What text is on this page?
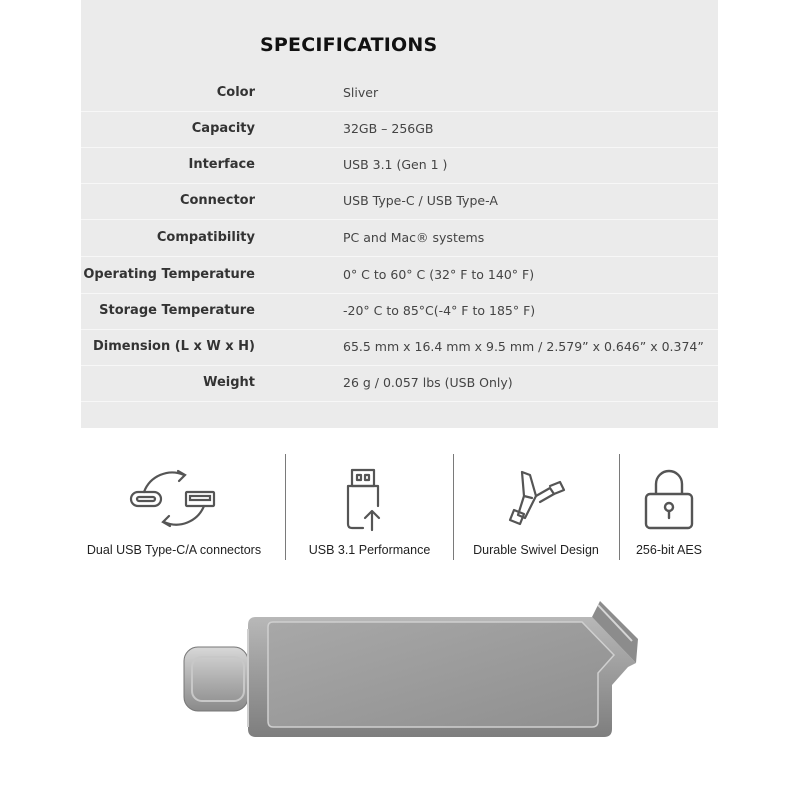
SPECIFICATIONS
Color	Sliver
Capacity	32GB – 256GB
Interface	USB 3.1 (Gen 1 )
Connector	USB Type-C / USB Type-A
Compatibility	PC and Mac® systems
Operating Temperature	0° C to 60° C (32° F to 140° F)
Storage Temperature	-20° C to 85°C(-4° F to 185° F)
Dimension (L x W x H)	65.5 mm x 16.4 mm x 9.5 mm / 2.579” x 0.646” x 0.374”
Weight	26 g / 0.057 lbs (USB Only)
Dual USB Type-C/A connectors	USB 3.1 Performance	Durable Swivel Design	256-bit AES
